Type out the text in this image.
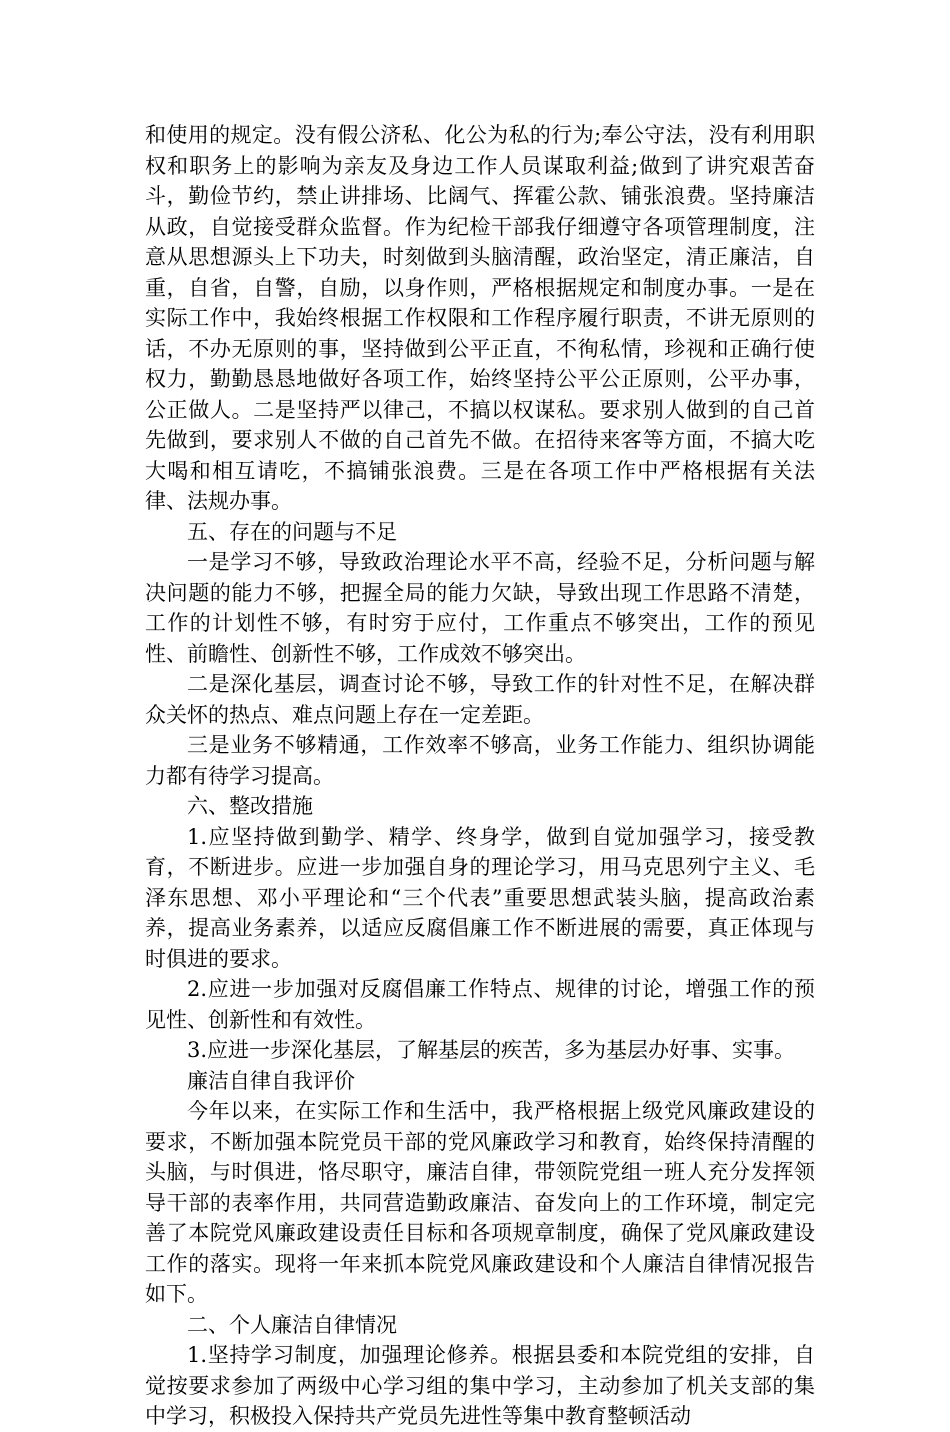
和使用的规定。没有假公济私、化公为私的行为;奉公守法，没有利用职权和职务上的影响为亲友及身边工作人员谋取利益;做到了讲究艰苦奋斗，勤俭节约，禁止讲排场、比阔气、挥霍公款、铺张浪费。坚持廉洁从政，自觉接受群众监督。作为纪检干部我仔细遵守各项管理制度，注意从思想源头上下功夫，时刻做到头脑清醒，政治坚定，清正廉洁，自重，自省，自警，自励，以身作则，严格根据规定和制度办事。一是在实际工作中，我始终根据工作权限和工作程序履行职责，不讲无原则的话，不办无原则的事，坚持做到公平正直，不徇私情，珍视和正确行使权力，勤勤恳恳地做好各项工作，始终坚持公平公正原则，公平办事，公正做人。二是坚持严以律己，不搞以权谋私。要求别人做到的自己首先做到，要求别人不做的自己首先不做。在招待来客等方面，不搞大吃大喝和相互请吃，不搞铺张浪费。三是在各项工作中严格根据有关法律、法规办事。

五、存在的问题与不足

一是学习不够，导致政治理论水平不高，经验不足，分析问题与解决问题的能力不够，把握全局的能力欠缺，导致出现工作思路不清楚，工作的计划性不够，有时穷于应付，工作重点不够突出，工作的预见性、前瞻性、创新性不够，工作成效不够突出。

二是深化基层，调查讨论不够，导致工作的针对性不足，在解决群众关怀的热点、难点问题上存在一定差距。

三是业务不够精通，工作效率不够高，业务工作能力、组织协调能力都有待学习提高。

六、整改措施

1.应坚持做到勤学、精学、终身学，做到自觉加强学习，接受教育，不断进步。应进一步加强自身的理论学习，用马克思列宁主义、毛泽东思想、邓小平理论和“三个代表”重要思想武装头脑，提高政治素养，提高业务素养，以适应反腐倡廉工作不断进展的需要，真正体现与时俱进的要求。

2.应进一步加强对反腐倡廉工作特点、规律的讨论，增强工作的预见性、创新性和有效性。

3.应进一步深化基层，了解基层的疾苦，多为基层办好事、实事。

廉洁自律自我评价

今年以来，在实际工作和生活中，我严格根据上级党风廉政建设的要求，不断加强本院党员干部的党风廉政学习和教育，始终保持清醒的头脑，与时俱进，恪尽职守，廉洁自律，带领院党组一班人充分发挥领导干部的表率作用，共同营造勤政廉洁、奋发向上的工作环境，制定完善了本院党风廉政建设责任目标和各项规章制度，确保了党风廉政建设工作的落实。现将一年来抓本院党风廉政建设和个人廉洁自律情况报告如下。

二、个人廉洁自律情况

1.坚持学习制度，加强理论修养。根据县委和本院党组的安排，自觉按要求参加了两级中心学习组的集中学习，主动参加了机关支部的集中学习，积极投入保持共产党员先进性等集中教育整顿活动
